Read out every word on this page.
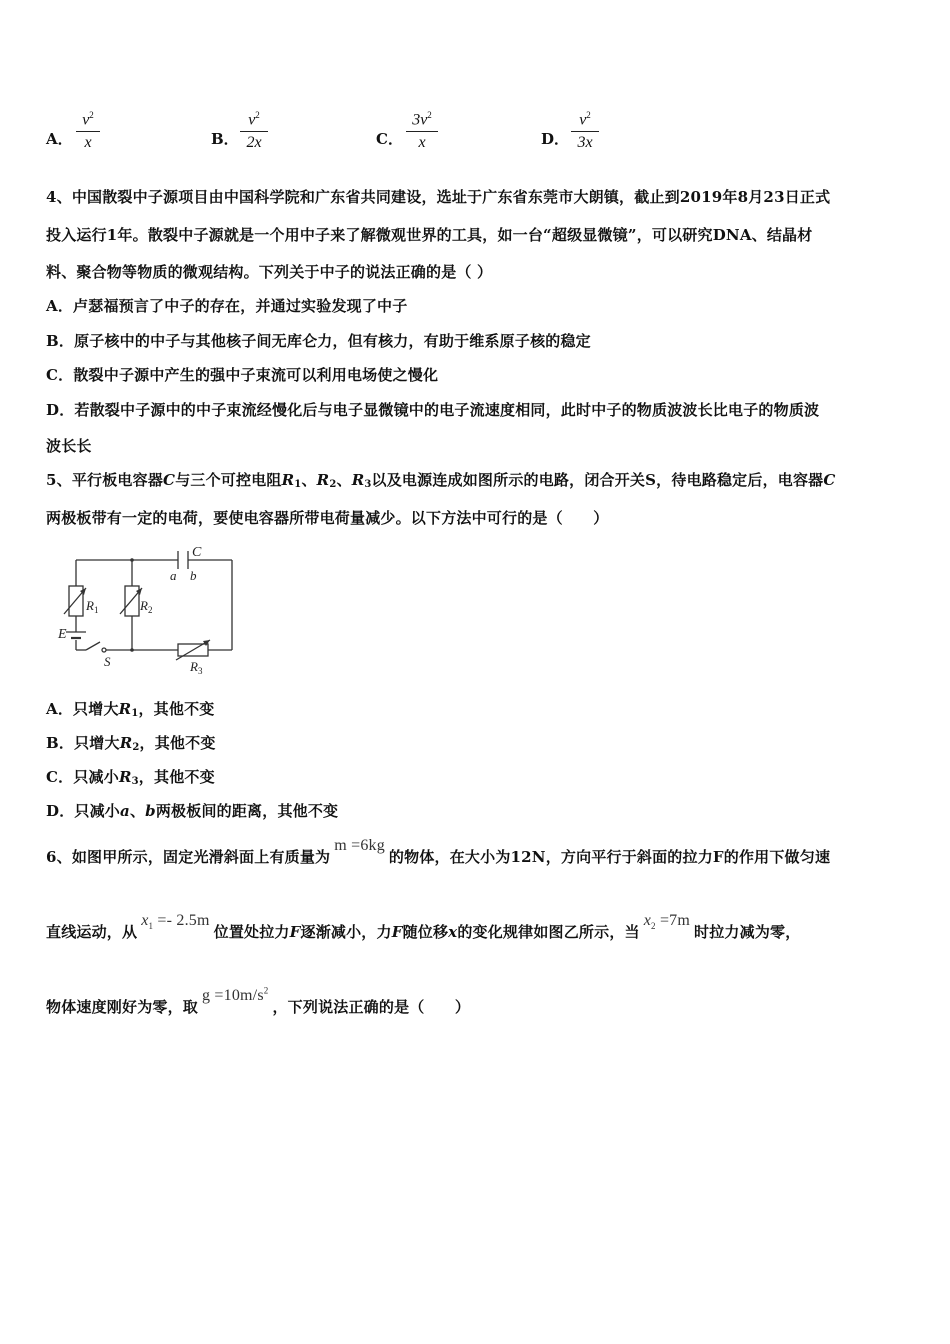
A．
$v^2$
x	B．
$v^2$
2x	C．
$3v^2$
x	D．
$v^2$
3x
4、中国散裂中子源项目由中国科学院和广东省共同建设，选址于广东省东莞市大朗镇，截止到2019年8月23日正式
投入运行1年。散裂中子源就是一个用中子来了解微观世界的工具，如一台“超级显微镜”，可以研究DNA、结晶材
料、聚合物等物质的微观结构。下列关于中子的说法正确的是（ ）
A．卢瑟福预言了中子的存在，并通过实验发现了中子
B．原子核中的中子与其他核子间无库仑力，但有核力，有助于维系原子核的稳定
C．散裂中子源中产生的强中子束流可以利用电场使之慢化
D．若散裂中子源中的中子束流经慢化后与电子显微镜中的电子流速度相同，此时中子的物质波波长比电子的物质波
波长长
5、平行板电容器C与三个可控电阻$R_1$、$R_2$、$R_3$以及电源连成如图所示的电路，闭合开关S，待电路稳定后，电容器C
两极板带有一定的电荷，要使电容器所带电荷量减少。以下方法中可行的是（　　）
C
a b
$R_1$	$R_2$
$R_3$
E
S
A．只增大$R_1$，其他不变
B．只增大$R_2$，其他不变
C．只减小$R_3$，其他不变
D．只减小a、b两极板间的距离，其他不变
6、如图甲所示，固定光滑斜面上有质量为m =6kg的物体，在大小为12N，方向平行于斜面的拉力F的作用下做匀速
直线运动，从$x_1 =- 2.5m$位置处拉力F逐渐减小，力F随位移x的变化规律如图乙所示，当$x_2 =7m$时拉力减为零，
物体速度刚好为零，取$g =10m/s^2$，下列说法正确的是（　　）
